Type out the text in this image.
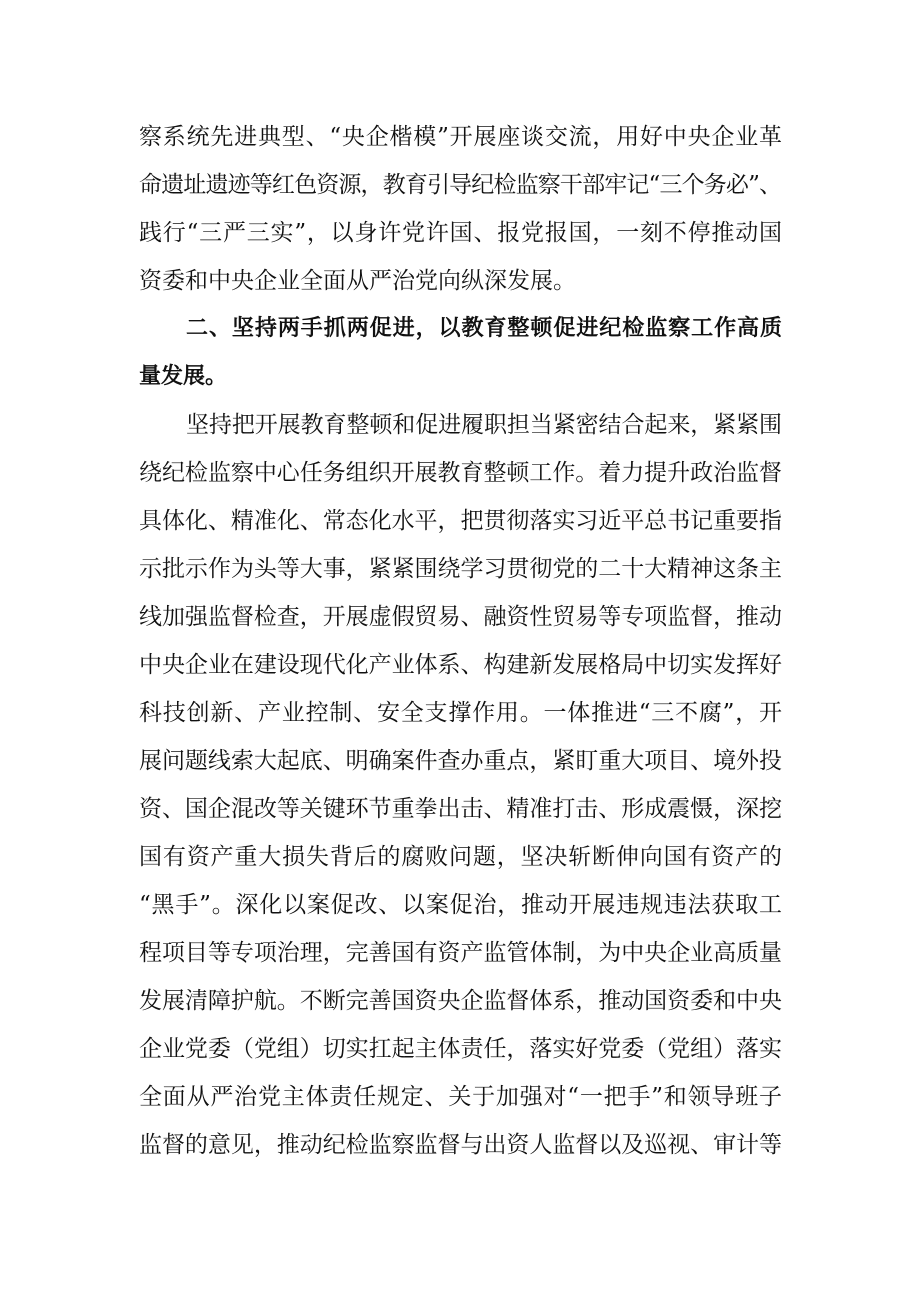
察系统先进典型、“央企楷模”开展座谈交流，用好中央企业革
命遗址遗迹等红色资源，教育引导纪检监察干部牢记“三个务必”、
践行“三严三实”，以身许党许国、报党报国，一刻不停推动国
资委和中央企业全面从严治党向纵深发展。
二、坚持两手抓两促进，以教育整顿促进纪检监察工作高质
量发展。
坚持把开展教育整顿和促进履职担当紧密结合起来，紧紧围
绕纪检监察中心任务组织开展教育整顿工作。着力提升政治监督
具体化、精准化、常态化水平，把贯彻落实习近平总书记重要指
示批示作为头等大事，紧紧围绕学习贯彻党的二十大精神这条主
线加强监督检查，开展虚假贸易、融资性贸易等专项监督，推动
中央企业在建设现代化产业体系、构建新发展格局中切实发挥好
科技创新、产业控制、安全支撑作用。一体推进“三不腐”，开
展问题线索大起底、明确案件查办重点，紧盯重大项目、境外投
资、国企混改等关键环节重拳出击、精准打击、形成震慑，深挖
国有资产重大损失背后的腐败问题，坚决斩断伸向国有资产的
“黑手”。深化以案促改、以案促治，推动开展违规违法获取工
程项目等专项治理，完善国有资产监管体制，为中央企业高质量
发展清障护航。不断完善国资央企监督体系，推动国资委和中央
企业党委（党组）切实扛起主体责任，落实好党委（党组）落实
全面从严治党主体责任规定、关于加强对“一把手”和领导班子
监督的意见，推动纪检监察监督与出资人监督以及巡视、审计等
